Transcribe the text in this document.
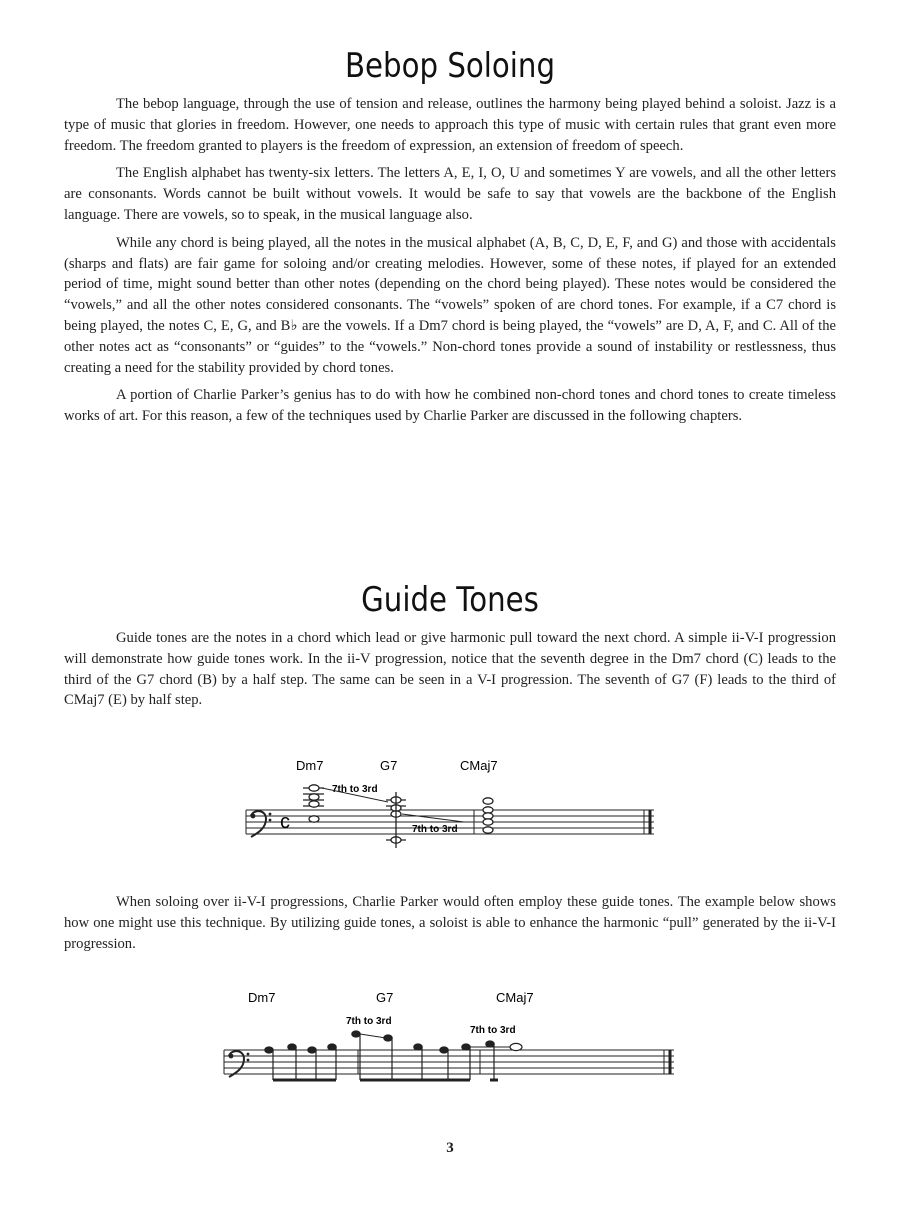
Bebop Soloing

The bebop language, through the use of tension and release, outlines the harmony being played behind a soloist. Jazz is a type of music that glories in freedom. However, one needs to approach this type of music with certain rules that grant even more freedom. The freedom granted to players is the freedom of expression, an extension of freedom of speech.

The English alphabet has twenty-six letters. The letters A, E, I, O, U and sometimes Y are vowels, and all the other letters are consonants. Words cannot be built without vowels. It would be safe to say that vowels are the backbone of the English language. There are vowels, so to speak, in the musical language also.

While any chord is being played, all the notes in the musical alphabet (A, B, C, D, E, F, and G) and those with accidentals (sharps and flats) are fair game for soloing and/or creating melodies. However, some of these notes, if played for an extended period of time, might sound better than other notes (depending on the chord being played). These notes would be considered the “vowels,” and all the other notes considered consonants. The “vowels” spoken of are chord tones. For example, if a C7 chord is being played, the notes C, E, G, and B♭ are the vowels. If a Dm7 chord is being played, the “vowels” are D, A, F, and C. All of the other notes act as “consonants” or “guides” to the “vowels.” Non-chord tones provide a sound of instability or restlessness, thus creating a need for the stability provided by chord tones.

A portion of Charlie Parker’s genius has to do with how he combined non-chord tones and chord tones to create timeless works of art. For this reason, a few of the techniques used by Charlie Parker are discussed in the following chapters.

Guide Tones

Guide tones are the notes in a chord which lead or give harmonic pull toward the next chord. A simple ii-V-I progression will demonstrate how guide tones work. In the ii-V progression, notice that the seventh degree in the Dm7 chord (C) leads to the third of the G7 chord (B) by a half step. The same can be seen in a V-I progression. The seventh of G7 (F) leads to the third of CMaj7 (E) by half step.

Dm7	G7	CMaj7
c
7th to 3rd
7th to 3rd

When soloing over ii-V-I progressions, Charlie Parker would often employ these guide tones. The example below shows how one might use this technique. By utilizing guide tones, a soloist is able to enhance the harmonic “pull” generated by the ii-V-I progression.

Dm7	G7	CMaj7
7th to 3rd
7th to 3rd
3
